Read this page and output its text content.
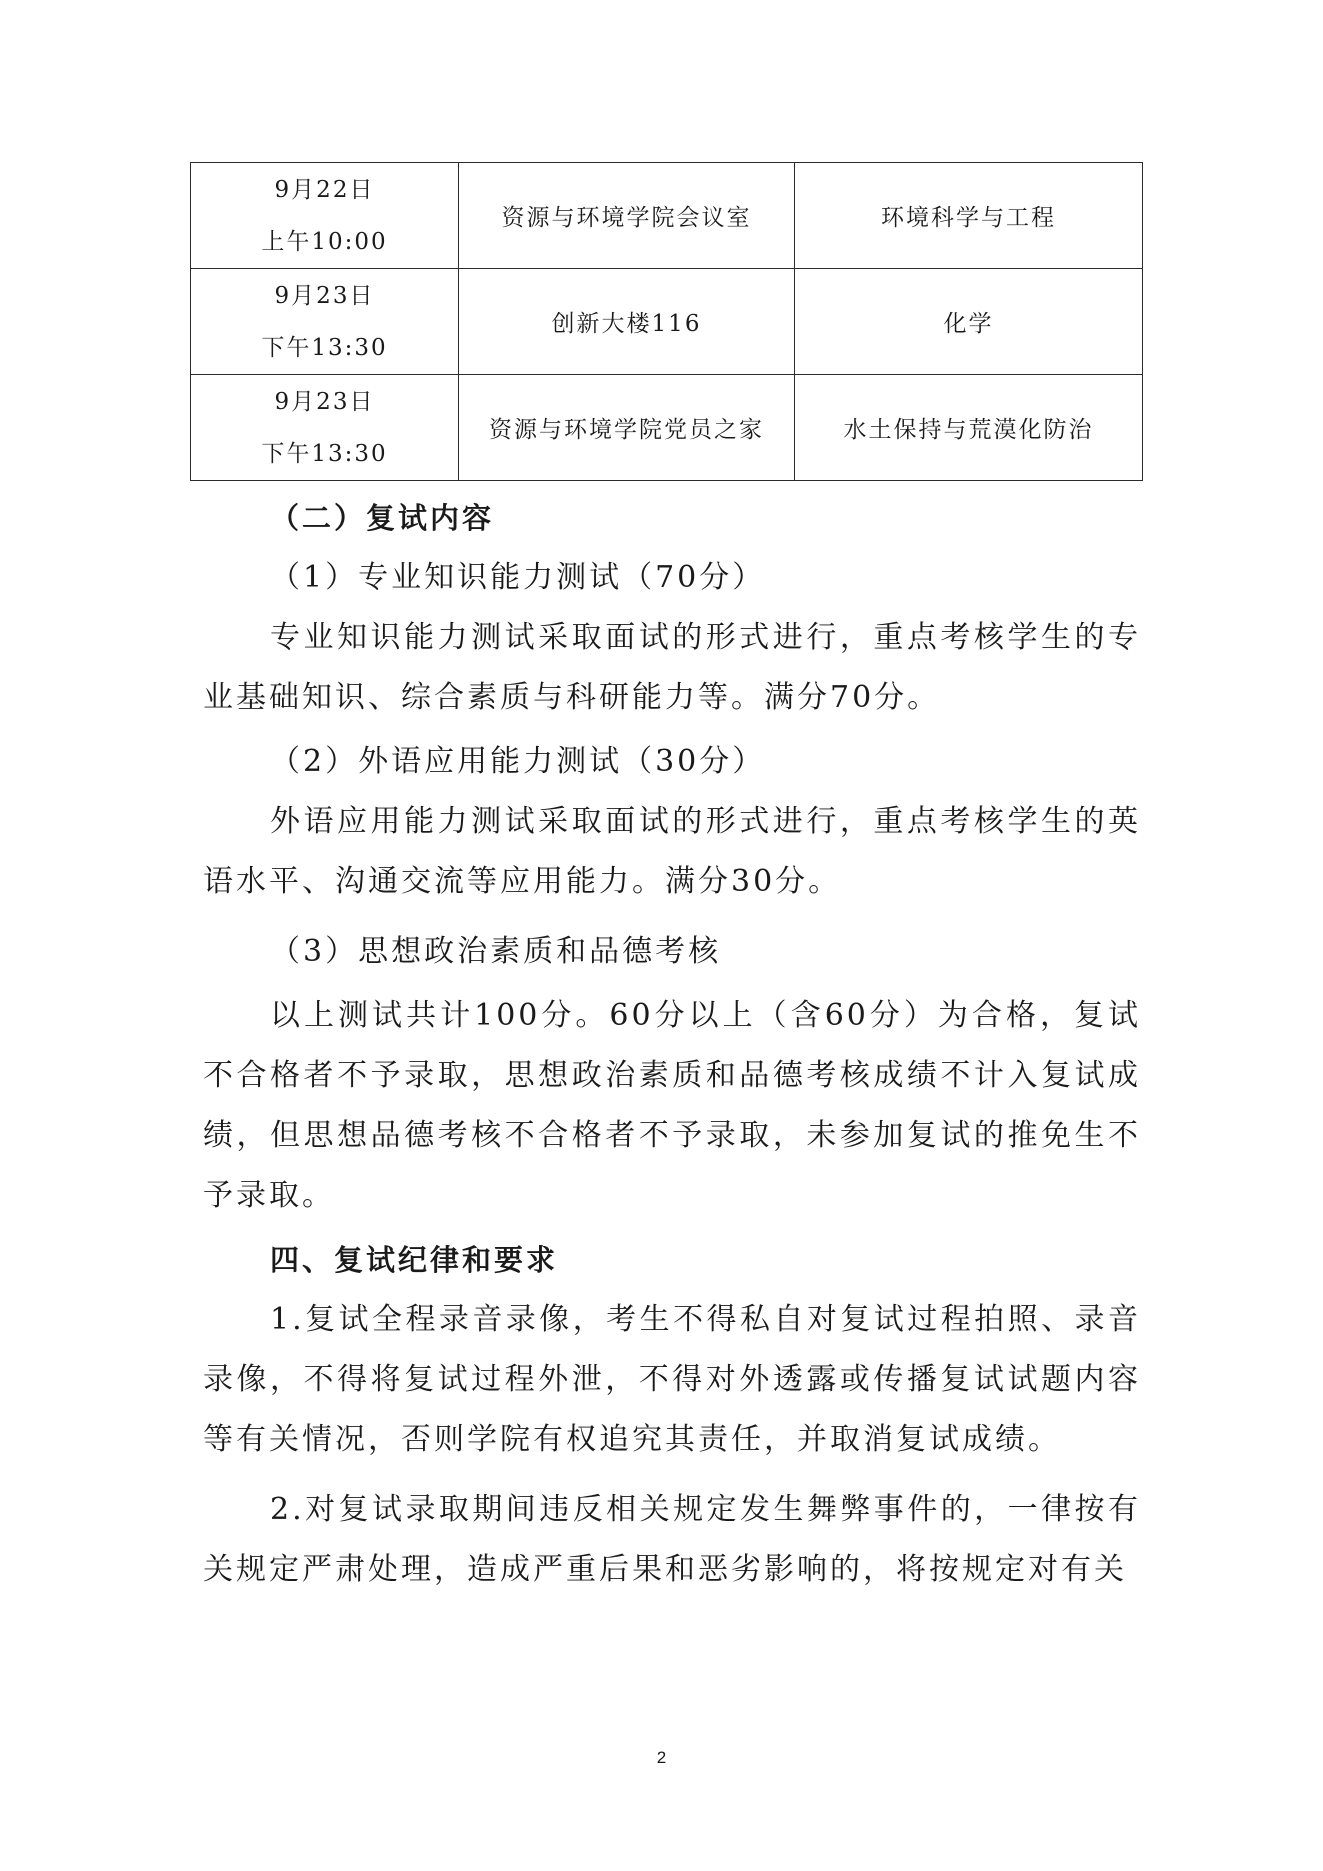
9月22日
上午10:00	资源与环境学院会议室	环境科学与工程

9月23日
下午13:30	创新大楼116	化学

9月23日
下午13:30	资源与环境学院党员之家	水土保持与荒漠化防治

（二）复试内容

（1）专业知识能力测试（70分）

专业知识能力测试采取面试的形式进行，重点考核学生的专业基础知识、综合素质与科研能力等。满分70分。

（2）外语应用能力测试（30分）

外语应用能力测试采取面试的形式进行，重点考核学生的英语水平、沟通交流等应用能力。满分30分。

（3）思想政治素质和品德考核

以上测试共计100分。60分以上（含60分）为合格，复试不合格者不予录取，思想政治素质和品德考核成绩不计入复试成绩，但思想品德考核不合格者不予录取，未参加复试的推免生不予录取。

四、复试纪律和要求

1.复试全程录音录像，考生不得私自对复试过程拍照、录音录像，不得将复试过程外泄，不得对外透露或传播复试试题内容等有关情况，否则学院有权追究其责任，并取消复试成绩。

2.对复试录取期间违反相关规定发生舞弊事件的，一律按有关规定严肃处理，造成严重后果和恶劣影响的，将按规定对有关

2
